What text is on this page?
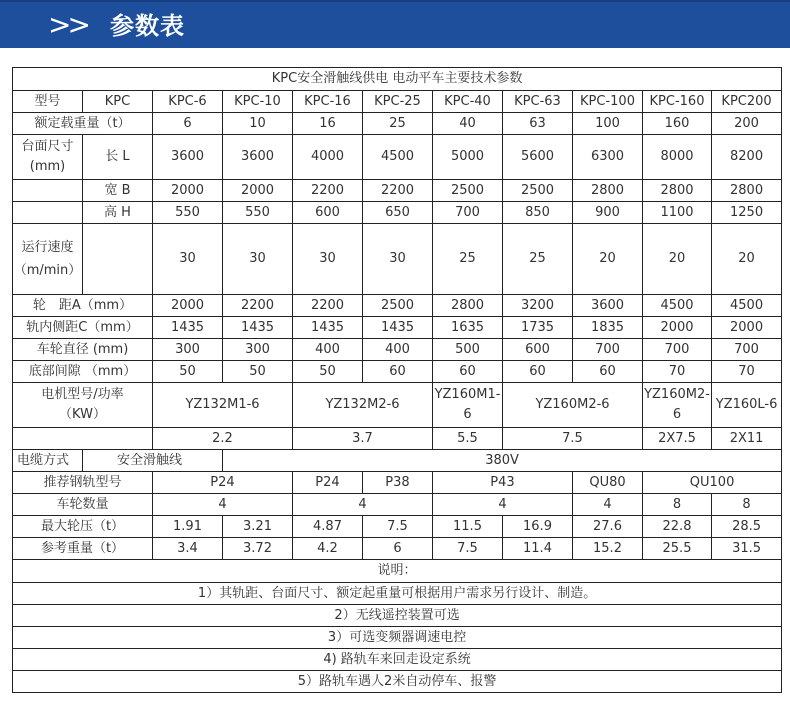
>> 参数表
KPC安全滑触线供电 电动平车主要技术参数										
型号	KPC	KPC-6	KPC-10	KPC-16	KPC-25	KPC-40	KPC-63	KPC-100	KPC-160	KPC200
额定载重量（t）		6	10	16	25	40	63	100	160	200
台面尺寸(mm)	长 L	3600	3600	4000	4500	5000	5600	6300	8000	8200
	宽 B	2000	2000	2200	2200	2500	2500	2800	2800	2800
	高 H	550	550	600	650	700	850	900	1100	1250
运行速度（m/min）		30	30	30	30	25	25	20	20	20
轮　距A（mm）		2000	2200	2200	2500	2800	3200	3600	4500	4500
轨内侧距C（mm）		1435	1435	1435	1435	1635	1735	1835	2000	2000
车轮直径 (mm)		300	300	400	400	500	600	700	700	700
底部间隙 （mm）		50	50	50	60	60	60	60	70	70
电机型号/功率（KW）		YZ132M1-6		YZ132M2-6		YZ160M1-6	YZ160M2-6		YZ160M2-6	YZ160L-6
		2.2		3.7		5.5	7.5		2X7.5	2X11
电缆方式	安全滑触线		380V							
推荐钢轨型号		P24		P24	P38	P43		QU80	QU100	
车轮数量		4		4		4		4	8	8
最大轮压（t）		1.91	3.21	4.87	7.5	11.5	16.9	27.6	22.8	28.5
参考重量（t）		3.4	3.72	4.2	6	7.5	11.4	15.2	25.5	31.5
说明：										
1）其轨距、台面尺寸、额定起重量可根据用户需求另行设计、制造。										
2）无线遥控装置可选										
3）可选变频器调速电控										
4) 路轨车来回走设定系统										
5）路轨车遇人2米自动停车、报警										
